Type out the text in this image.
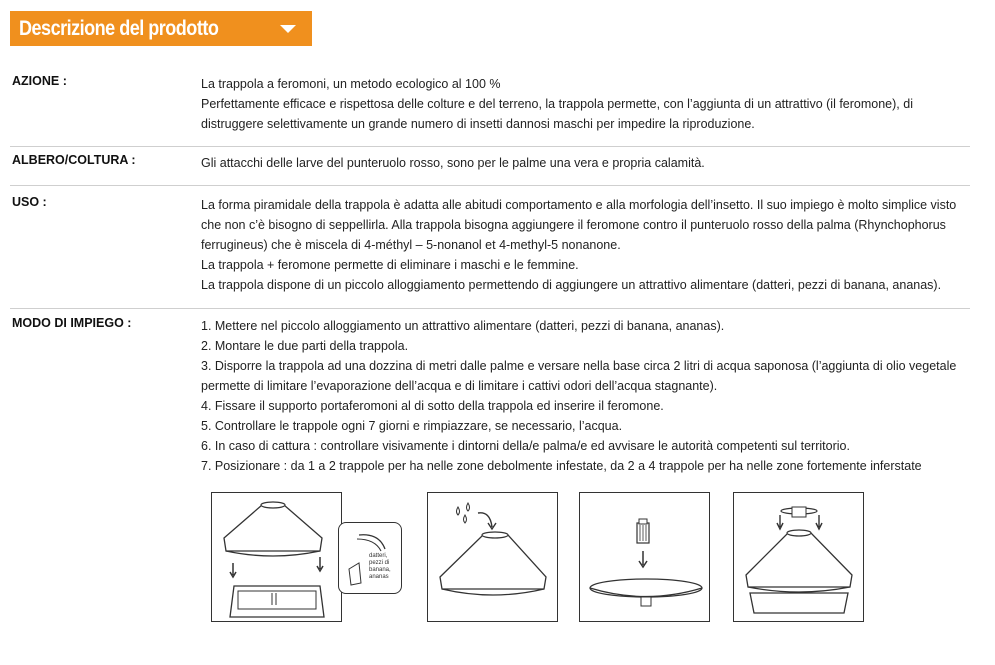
Descrizione del prodotto
AZIONE :	La trappola a feromoni, un metodo ecologico al 100 %
Perfettamente efficace e rispettosa delle colture e del terreno, la trappola permette, con l’aggiunta di un attrattivo (il feromone), di
distruggere selettivamente un grande numero di insetti dannosi maschi per impedire la riproduzione.
ALBERO/COLTURA :	Gli attacchi delle larve del punteruolo rosso, sono per le palme una vera e propria calamità.
USO :	La forma piramidale della trappola è adatta alle abitudi comportamento e alla morfologia dell’insetto. Il suo impiego è molto simplice visto
che non c’è bisogno di seppellirla. Alla trappola bisogna aggiungere il feromone contro il punteruolo rosso della palma (Rhynchophorus
ferrugineus) che è miscela di 4-méthyl – 5-nonanol et 4-methyl-5 nonanone.
La trappola + feromone permette di eliminare i maschi e le femmine.
La trappola dispone di un piccolo alloggiamento permettendo di aggiungere un attrattivo alimentare (datteri, pezzi di banana, ananas).
MODO DI IMPIEGO :	1. Mettere nel piccolo alloggiamento un attrattivo alimentare (datteri, pezzi di banana, ananas).
2. Montare le due parti della trappola.
3. Disporre la trappola ad una dozzina di metri dalle palme e versare nella base circa 2 litri di acqua saponosa (l’aggiunta di olio vegetale
permette di limitare l’evaporazione dell’acqua e di limitare i cattivi odori dell’acqua stagnante).
4. Fissare il supporto portaferomoni al di sotto della trappola ed inserire il feromone.
5. Controllare le trappole ogni 7 giorni e rimpiazzare, se necessario, l’acqua.
6. In caso di cattura : controllare visivamente i dintorni della/e palma/e ed avvisare le autorità competenti sul territorio.
7. Posizionare : da 1 a 2 trappole per ha nelle zone debolmente infestate, da 2 a 4 trappole per ha nelle zone fortemente inferstate
datteri,
pezzi di
banana,
ananas
